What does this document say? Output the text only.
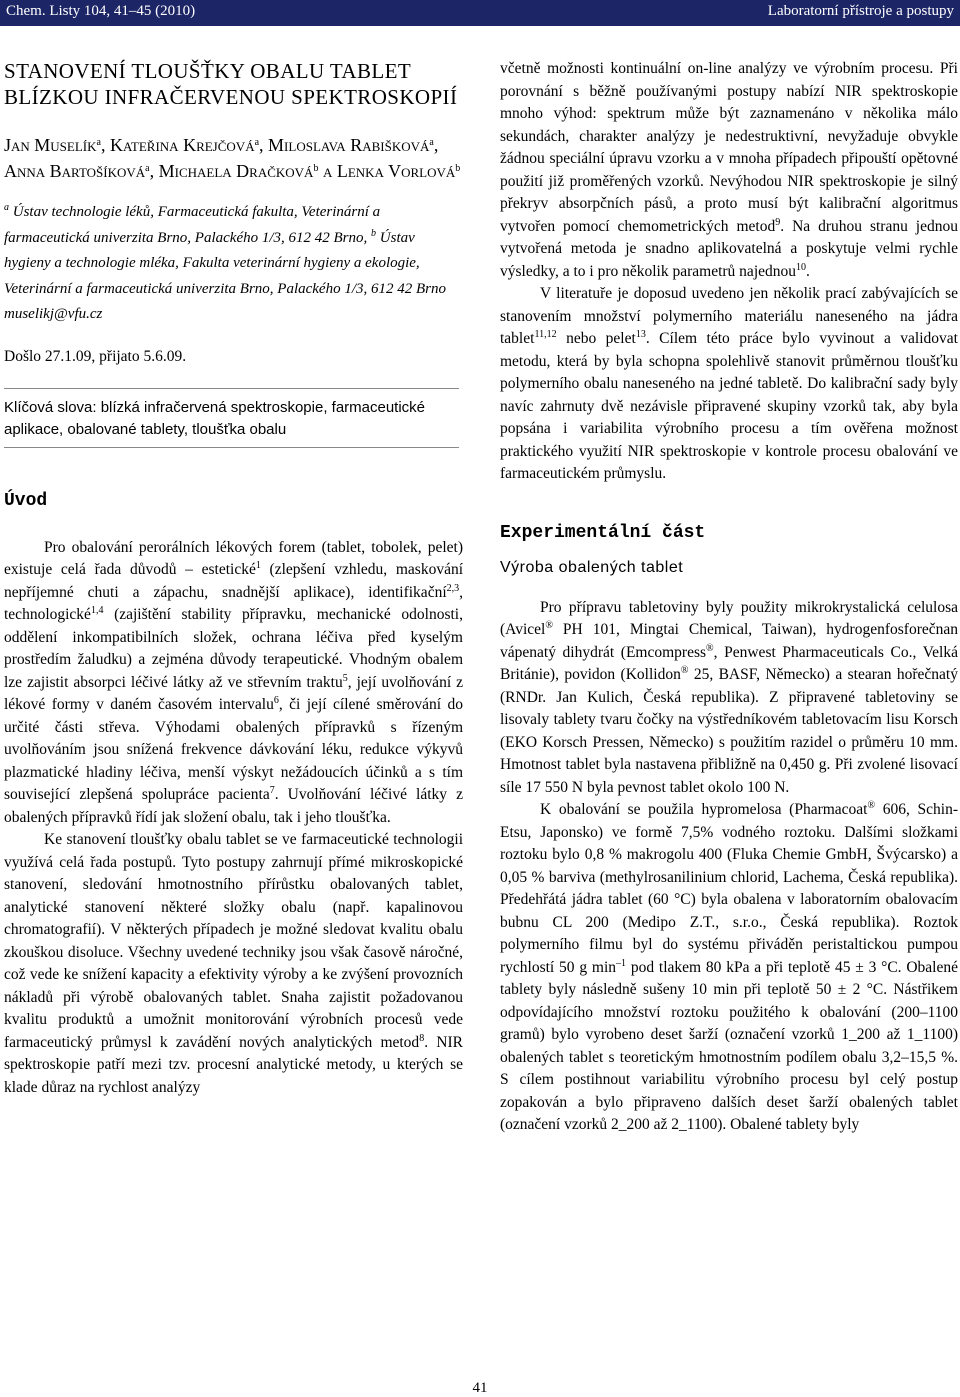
Chem. Listy 104, 41–45 (2010)	Laboratorní přístroje a postupy
STANOVENÍ TLOUŠŤKY OBALU TABLET BLÍZKOU INFRAČERVENOU SPEKTROSKOPIÍ
Jan Muselík$^a$, Kateřina Krejčová$^a$, Miloslava Rabišková$^a$, Anna Bartošíková$^a$, Michaela Dračková$^b$ a Lenka Vorlová$^b$
$^a$ Ústav technologie léků, Farmaceutická fakulta, Veterinární a farmaceutická univerzita Brno, Palackého 1/3, 612 42 Brno, $^b$ Ústav hygieny a technologie mléka, Fakulta veterinární hygieny a ekologie, Veterinární a farmaceutická univerzita Brno, Palackého 1/3, 612 42 Brno
muselikj@vfu.cz
Došlo 27.1.09, přijato 5.6.09.

Klíčová slova: blízká infračervená spektroskopie, farmaceutické aplikace, obalované tablety, tloušťka obalu

Úvod

Pro obalování perorálních lékových forem (tablet, tobolek, pelet) existuje celá řada důvodů – estetické$^1$ (zlepšení vzhledu, maskování nepříjemné chuti a zápachu, snadnější aplikace), identifikační$^{2,3}$, technologické$^{1,4}$ (zajištění stability přípravku, mechanické odolnosti, oddělení inkompatibilních složek, ochrana léčiva před kyselým prostředím žaludku) a zejména důvody terapeutické. Vhodným obalem lze zajistit absorpci léčivé látky až ve střevním traktu$^5$, její uvolňování z lékové formy v daném časovém intervalu$^6$, či její cílené směrování do určité části střeva. Výhodami obalených přípravků s řízeným uvolňováním jsou snížená frekvence dávkování léku, redukce výkyvů plazmatické hladiny léčiva, menší výskyt nežádoucích účinků a s tím související zlepšená spolupráce pacienta$^7$. Uvolňování léčivé látky z obalených přípravků řídí jak složení obalu, tak i jeho tloušťka.

Ke stanovení tloušťky obalu tablet se ve farmaceutické technologii využívá celá řada postupů. Tyto postupy zahrnují přímé mikroskopické stanovení, sledování hmotnostního přírůstku obalovaných tablet, analytické stanovení některé složky obalu (např. kapalinovou chromatografií). V některých případech je možné sledovat kvalitu obalu zkouškou disoluce. Všechny uvedené techniky jsou však časově náročné, což vede ke snížení kapacity a efektivity výroby a ke zvýšení provozních nákladů při výrobě obalovaných tablet. Snaha zajistit požadovanou kvalitu produktů a umožnit monitorování výrobních procesů vede farmaceutický průmysl k zavádění nových analytických metod$^8$. NIR spektroskopie patří mezi tzv. procesní analytické metody, u kterých se klade důraz na rychlost analýzy

včetně možnosti kontinuální on-line analýzy ve výrobním procesu. Při porovnání s běžně používanými postupy nabízí NIR spektroskopie mnoho výhod: spektrum může být zaznamenáno v několika málo sekundách, charakter analýzy je nedestruktivní, nevyžaduje obvykle žádnou speciální úpravu vzorku a v mnoha případech připouští opětovné použití již proměřených vzorků. Nevýhodou NIR spektroskopie je silný překryv absorpčních pásů, a proto musí být kalibrační algoritmus vytvořen pomocí chemometrických metod$^9$. Na druhou stranu jednou vytvořená metoda je snadno aplikovatelná a poskytuje velmi rychle výsledky, a to i pro několik parametrů najednou$^{10}$.

V literatuře je doposud uvedeno jen několik prací zabývajících se stanovením množství polymerního materiálu naneseného na jádra tablet$^{11,12}$ nebo pelet$^{13}$. Cílem této práce bylo vyvinout a validovat metodu, která by byla schopna spolehlivě stanovit průměrnou tloušťku polymerního obalu naneseného na jedné tabletě. Do kalibrační sady byly navíc zahrnuty dvě nezávisle připravené skupiny vzorků tak, aby byla popsána i variabilita výrobního procesu a tím ověřena možnost praktického využití NIR spektroskopie v kontrole procesu obalování ve farmaceutickém průmyslu.

Experimentální část
Výroba obalených tablet

Pro přípravu tabletoviny byly použity mikrokrystalická celulosa (Avicel® PH 101, Mingtai Chemical, Taiwan), hydrogenfosforečnan vápenatý dihydrát (Emcompress®, Penwest Pharmaceuticals Co., Velká Británie), povidon (Kollidon® 25, BASF, Německo) a stearan hořečnatý (RNDr. Jan Kulich, Česká republika). Z připravené tabletoviny se lisovaly tablety tvaru čočky na výstředníkovém tabletovacím lisu Korsch (EKO Korsch Pressen, Německo) s použitím razidel o průměru 10 mm. Hmotnost tablet byla nastavena přibližně na 0,450 g. Při zvolené lisovací síle 17 550 N byla pevnost tablet okolo 100 N.

K obalování se použila hypromelosa (Pharmacoat® 606, Schin-Etsu, Japonsko) ve formě 7,5% vodného roztoku. Dalšími složkami roztoku bylo 0,8 % makrogolu 400 (Fluka Chemie GmbH, Švýcarsko) a 0,05 % barviva (methylrosanilinium chlorid, Lachema, Česká republika). Předehřátá jádra tablet (60 °C) byla obalena v laboratorním obalovacím bubnu CL 200 (Medipo Z.T., s.r.o., Česká republika). Roztok polymerního filmu byl do systému přiváděn peristaltickou pumpou rychlostí 50 g $\min^{-1}$ pod tlakem 80 kPa a při teplotě 45 ± 3 °C. Obalené tablety byly následně sušeny 10 min při teplotě 50 ± 2 °C. Nástřikem odpovídajícího množství roztoku použitého k obalování (200–1100 gramů) bylo vyrobeno deset šarží (označení vzorků 1_200 až 1_1100) obalených tablet s teoretickým hmotnostním podílem obalu 3,2–15,5 %. S cílem postihnout variabilitu výrobního procesu byl celý postup zopakován a bylo připraveno dalších deset šarží obalených tablet (označení vzorků 2_200 až 2_1100). Obalené tablety byly

41
